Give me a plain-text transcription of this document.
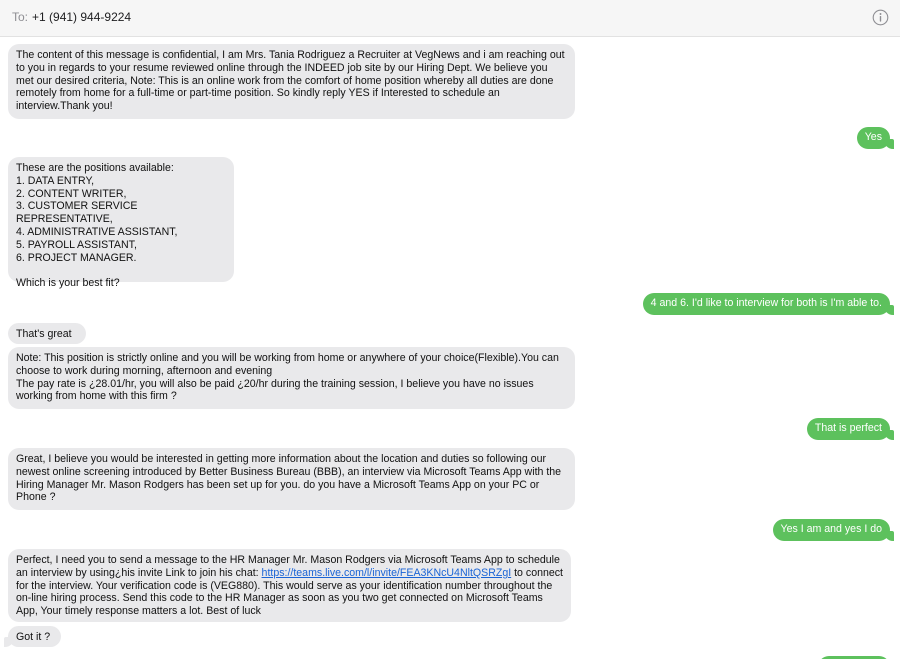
To: +1 (941) 944-9224
The content of this message is confidential, I am Mrs. Tania Rodriguez a Recruiter at VegNews and i am reaching out to you in regards to your resume reviewed online through the INDEED job site by our Hiring Dept. We believe you met our desired criteria, Note: This is an online work from the comfort of home position whereby all duties are done remotely from home for a full-time or part-time position. So kindly reply YES if Interested to schedule an interview.Thank you!
Yes
These are the positions available:
1. DATA ENTRY,
2. CONTENT WRITER,
3. CUSTOMER SERVICE REPRESENTATIVE,
4. ADMINISTRATIVE ASSISTANT,
5. PAYROLL ASSISTANT,
6. PROJECT MANAGER.

Which is your best fit?
4 and 6. I'd like to interview for both is I'm able to.
That's great
Note: This position is strictly online and you will be working from home or anywhere of your choice(Flexible).You can choose to work during morning, afternoon and evening
The pay rate is ¿28.01/hr, you will also be paid ¿20/hr during the training session, I believe you have no issues working from home with this firm ?
That is perfect
Great, I believe you would be interested in getting more information about the location and duties so following our newest online screening introduced by Better Business Bureau (BBB), an interview via Microsoft Teams App with the Hiring Manager Mr. Mason Rodgers has been set up for you. do you have a Microsoft Teams App on your PC or Phone ?
Yes I am and yes I do
Perfect, I need you to send a message to the HR Manager Mr. Mason Rodgers via Microsoft Teams App to schedule an interview by using¿his invite Link to join his chat: https://teams.live.com/l/invite/FEA3KNcU4NltQSRZgI to connect for the interview. Your verification code is (VEG880). This would serve as your identification number throughout the on-line hiring process. Send this code to the HR Manager as soon as you two get connected on Microsoft Teams App, Your timely response matters a lot. Best of luck
Got it ?
